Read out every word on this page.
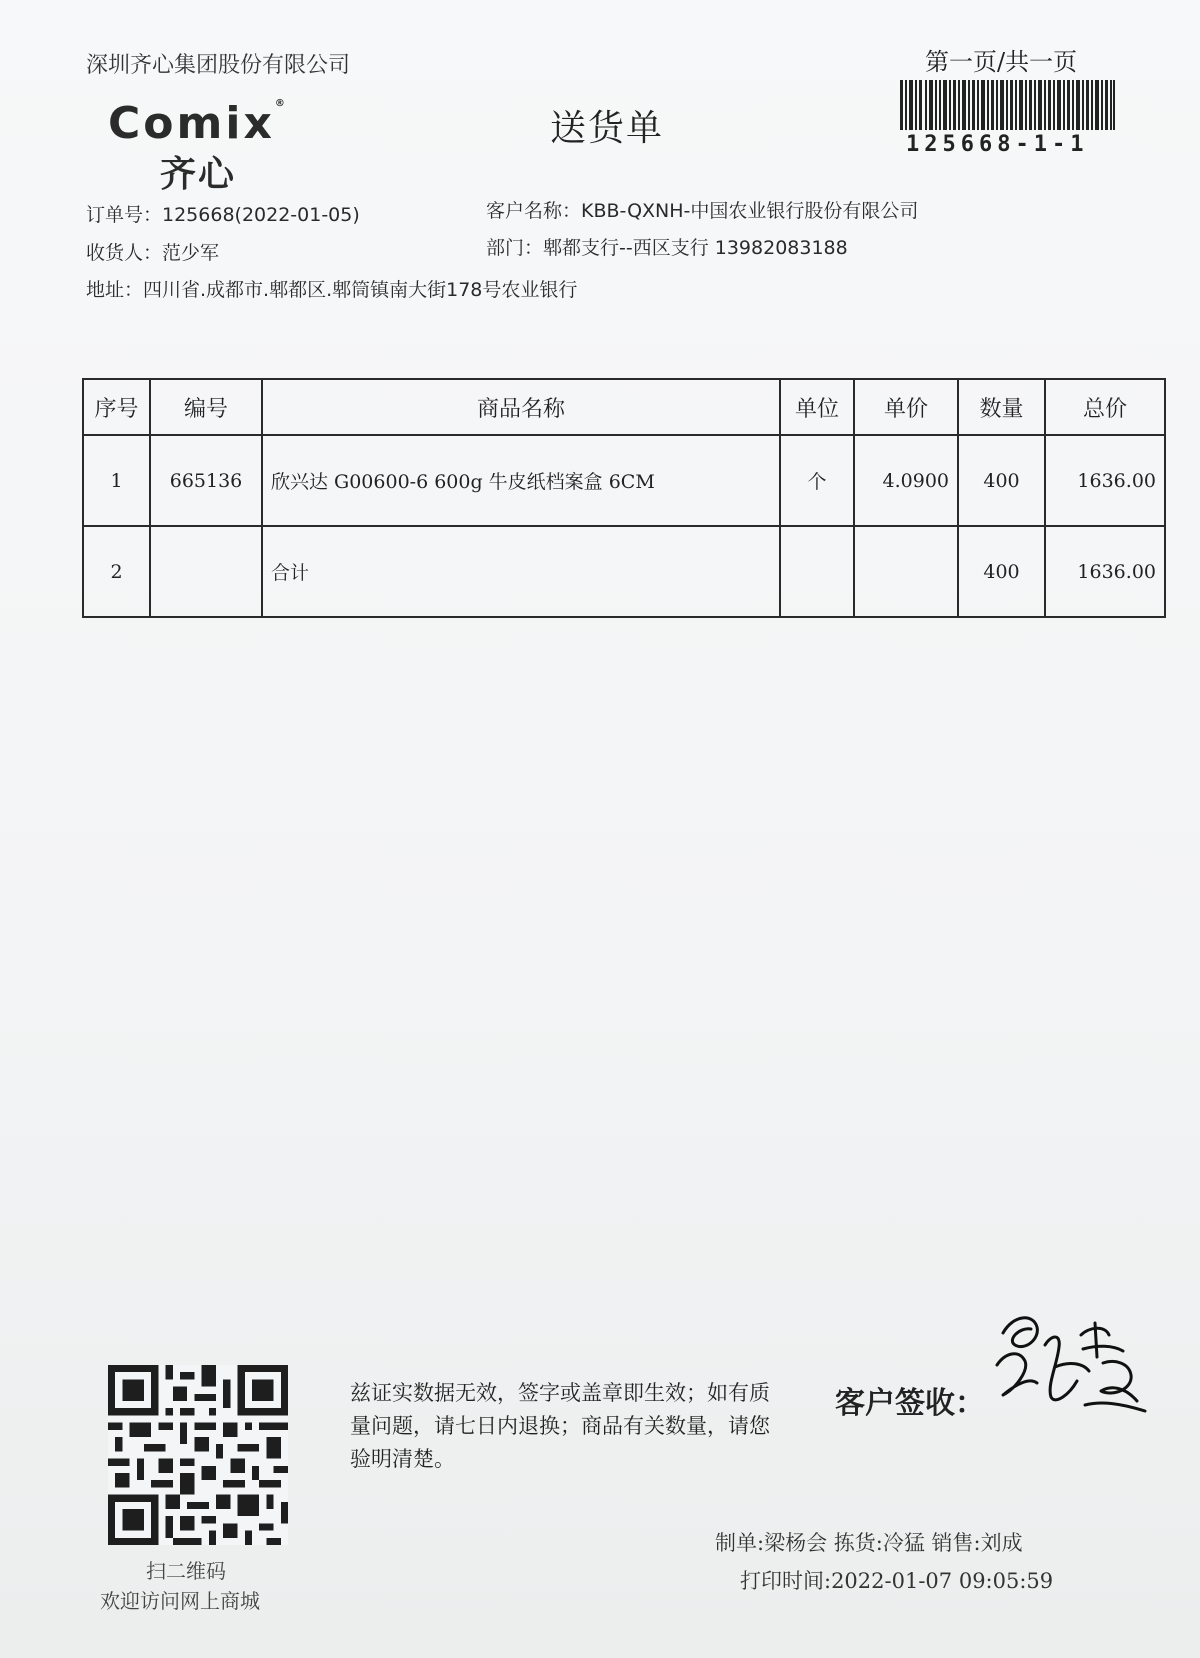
深圳齐心集团股份有限公司
Comix®
齐心
送货单
第一页/共一页
125668-1-1
订单号：125668(2022-01-05)
收货人：范少军
地址：四川省.成都市.郫都区.郫筒镇南大街178号农业银行
客户名称：KBB-QXNH-中国农业银行股份有限公司
部门：郫都支行--西区支行 13982083188
序号	编号	商品名称	单位	单价	数量	总价
1	665136	欣兴达 G00600-6 600g 牛皮纸档案盒 6CM	个	4.0900	400	1636.00
2		合计			400	1636.00
扫二维码
欢迎访问网上商城
兹证实数据无效，签字或盖章即生效；如有质量问题，请七日内退换；商品有关数量，请您验明清楚。
客户签收：
制单:梁杨会 拣货:冷猛 销售:刘成
打印时间:2022-01-07 09:05:59
